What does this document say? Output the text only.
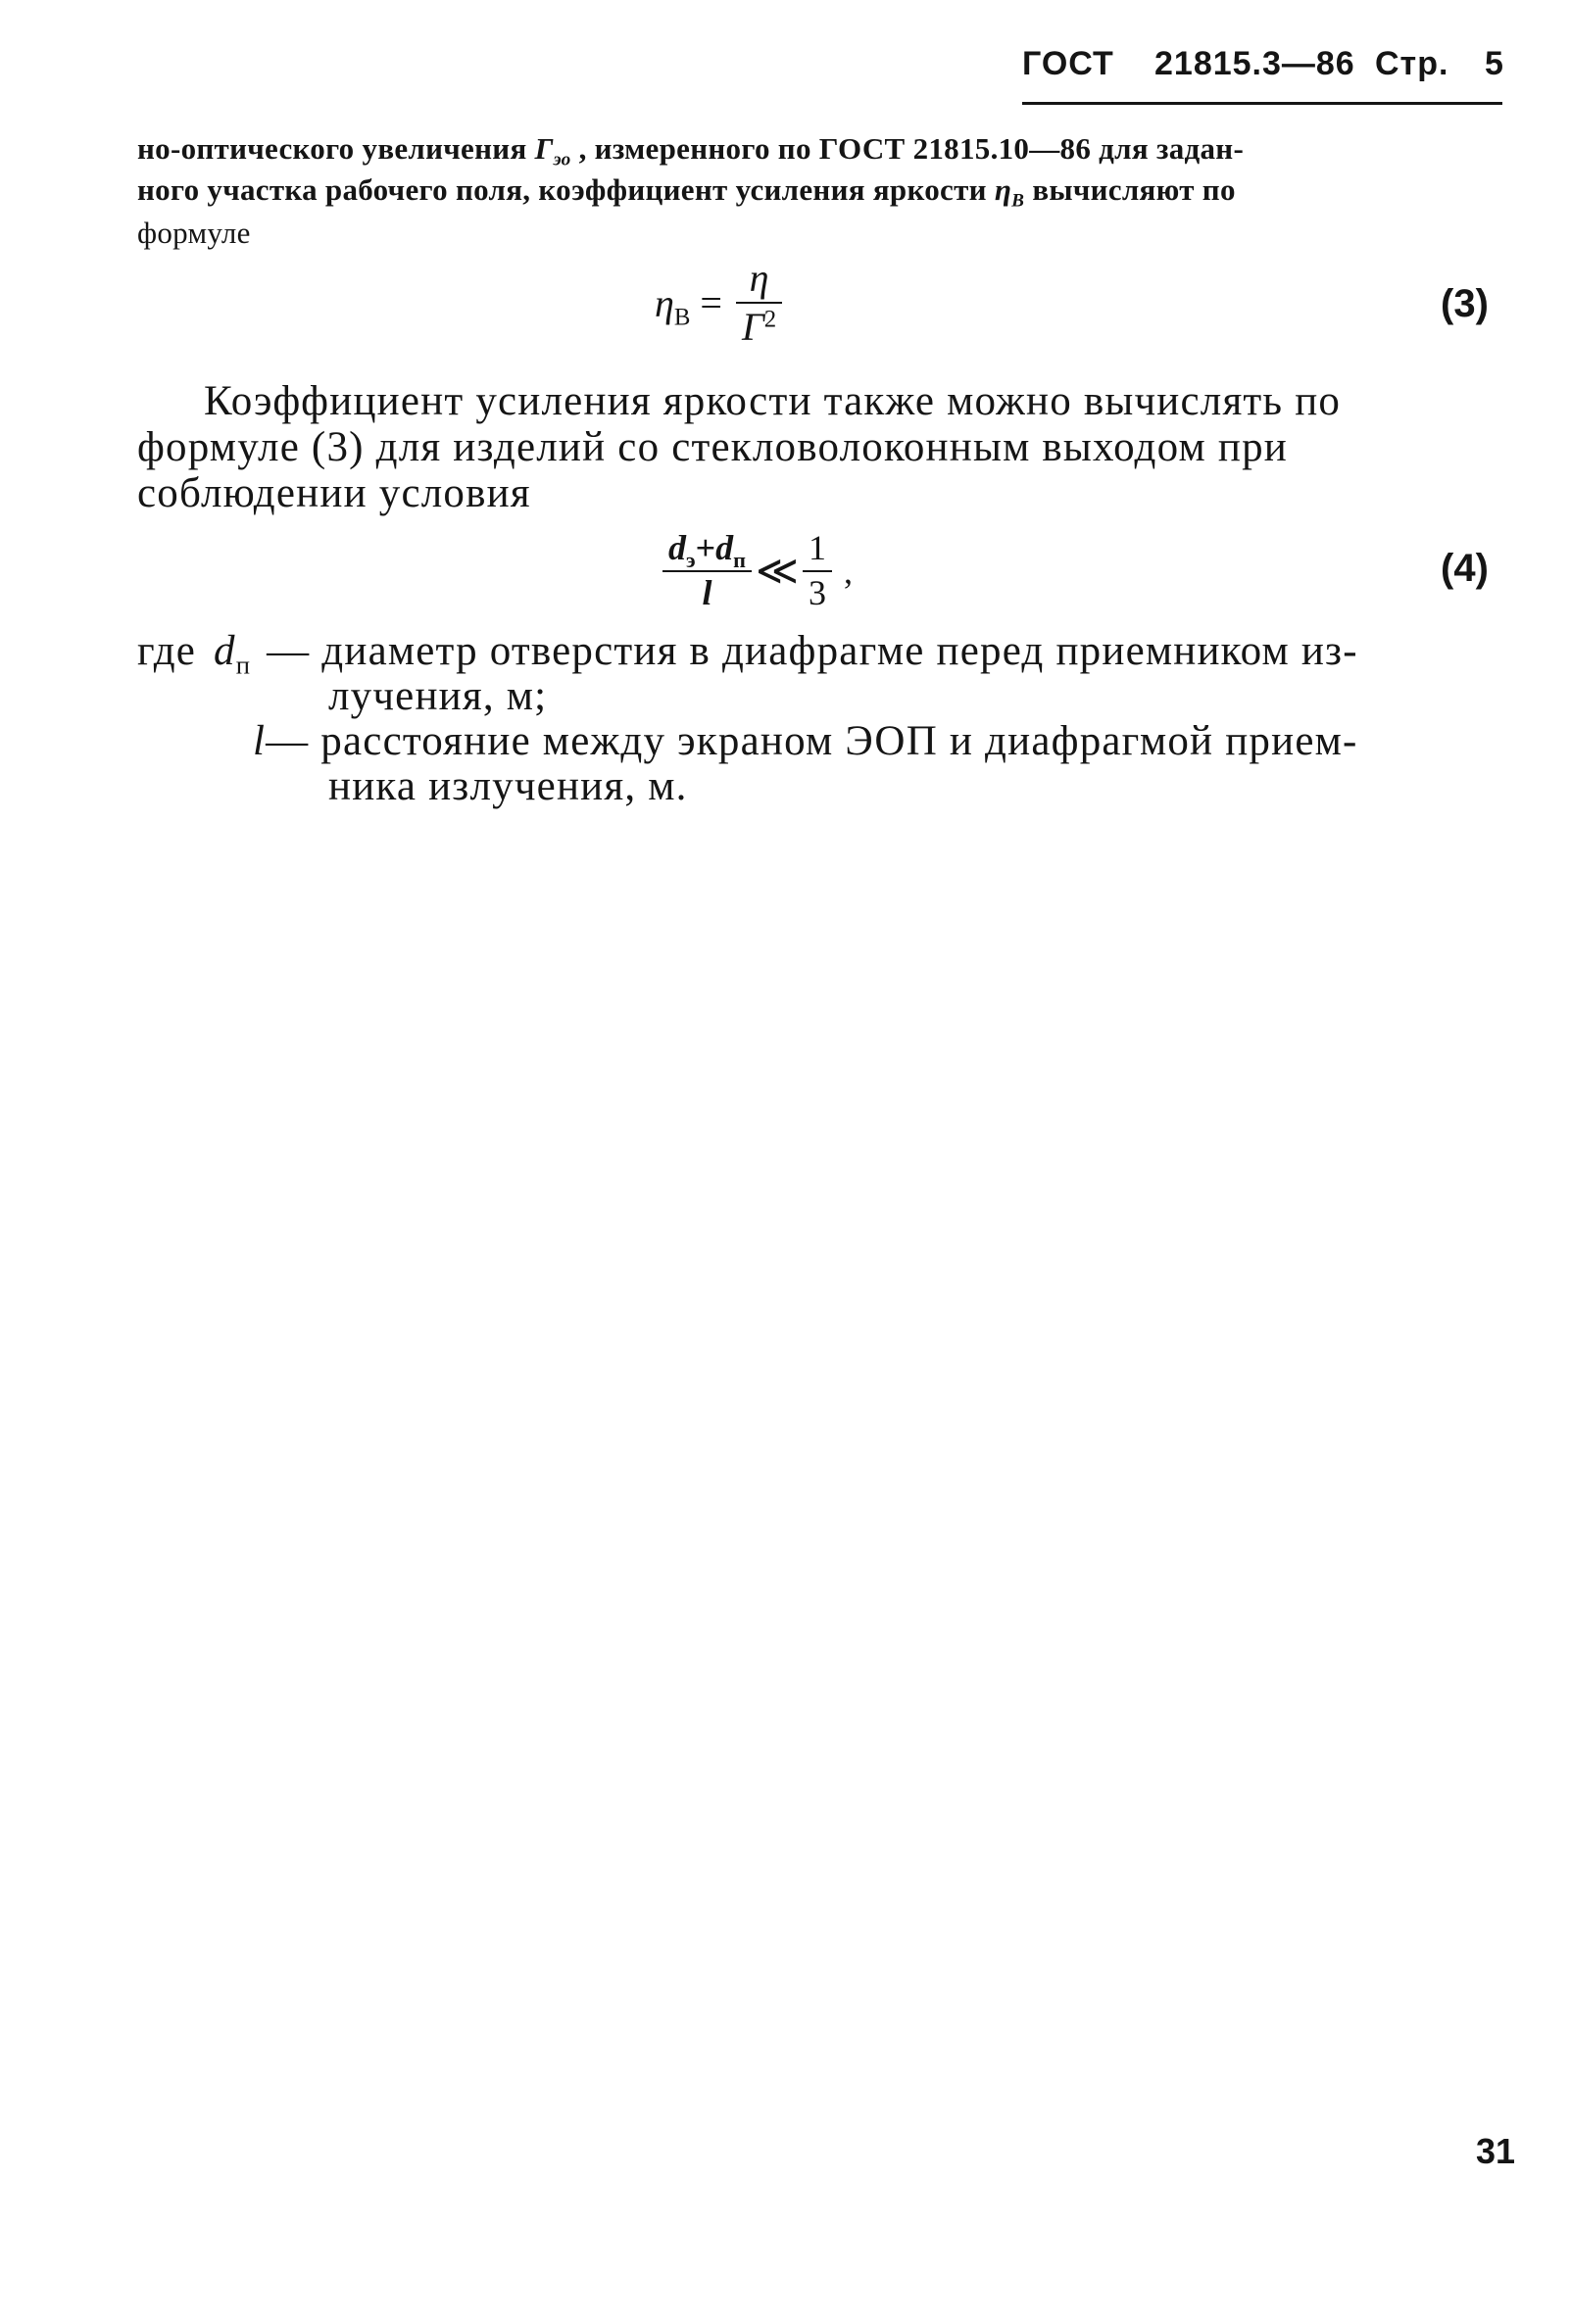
ГОСТ 21815.3—86 Стр. 5
но-оптического увеличения $Г_{эо}$ , измеренного по ГОСТ 21815.10—86 для задан-
ного участка рабочего поля, коэффициент усиления яркости $\eta_В$ вычисляют по
формуле
$\eta_В = \frac{\eta}{Г^2}$	(3)
Коэффициент усиления яркости также можно вычислять по
формуле (3) для изделий со стекловолоконным выходом при
соблюдении условия
$\frac{d_э+d_п}{l}$ ≪ $\frac{1}{3}$ ,	(4)
где $d_п$ — диаметр отверстия в диафрагме перед приемником из-
лучения, м;
l— расстояние между экраном ЭОП и диафрагмой прием-
ника излучения, м.
31
